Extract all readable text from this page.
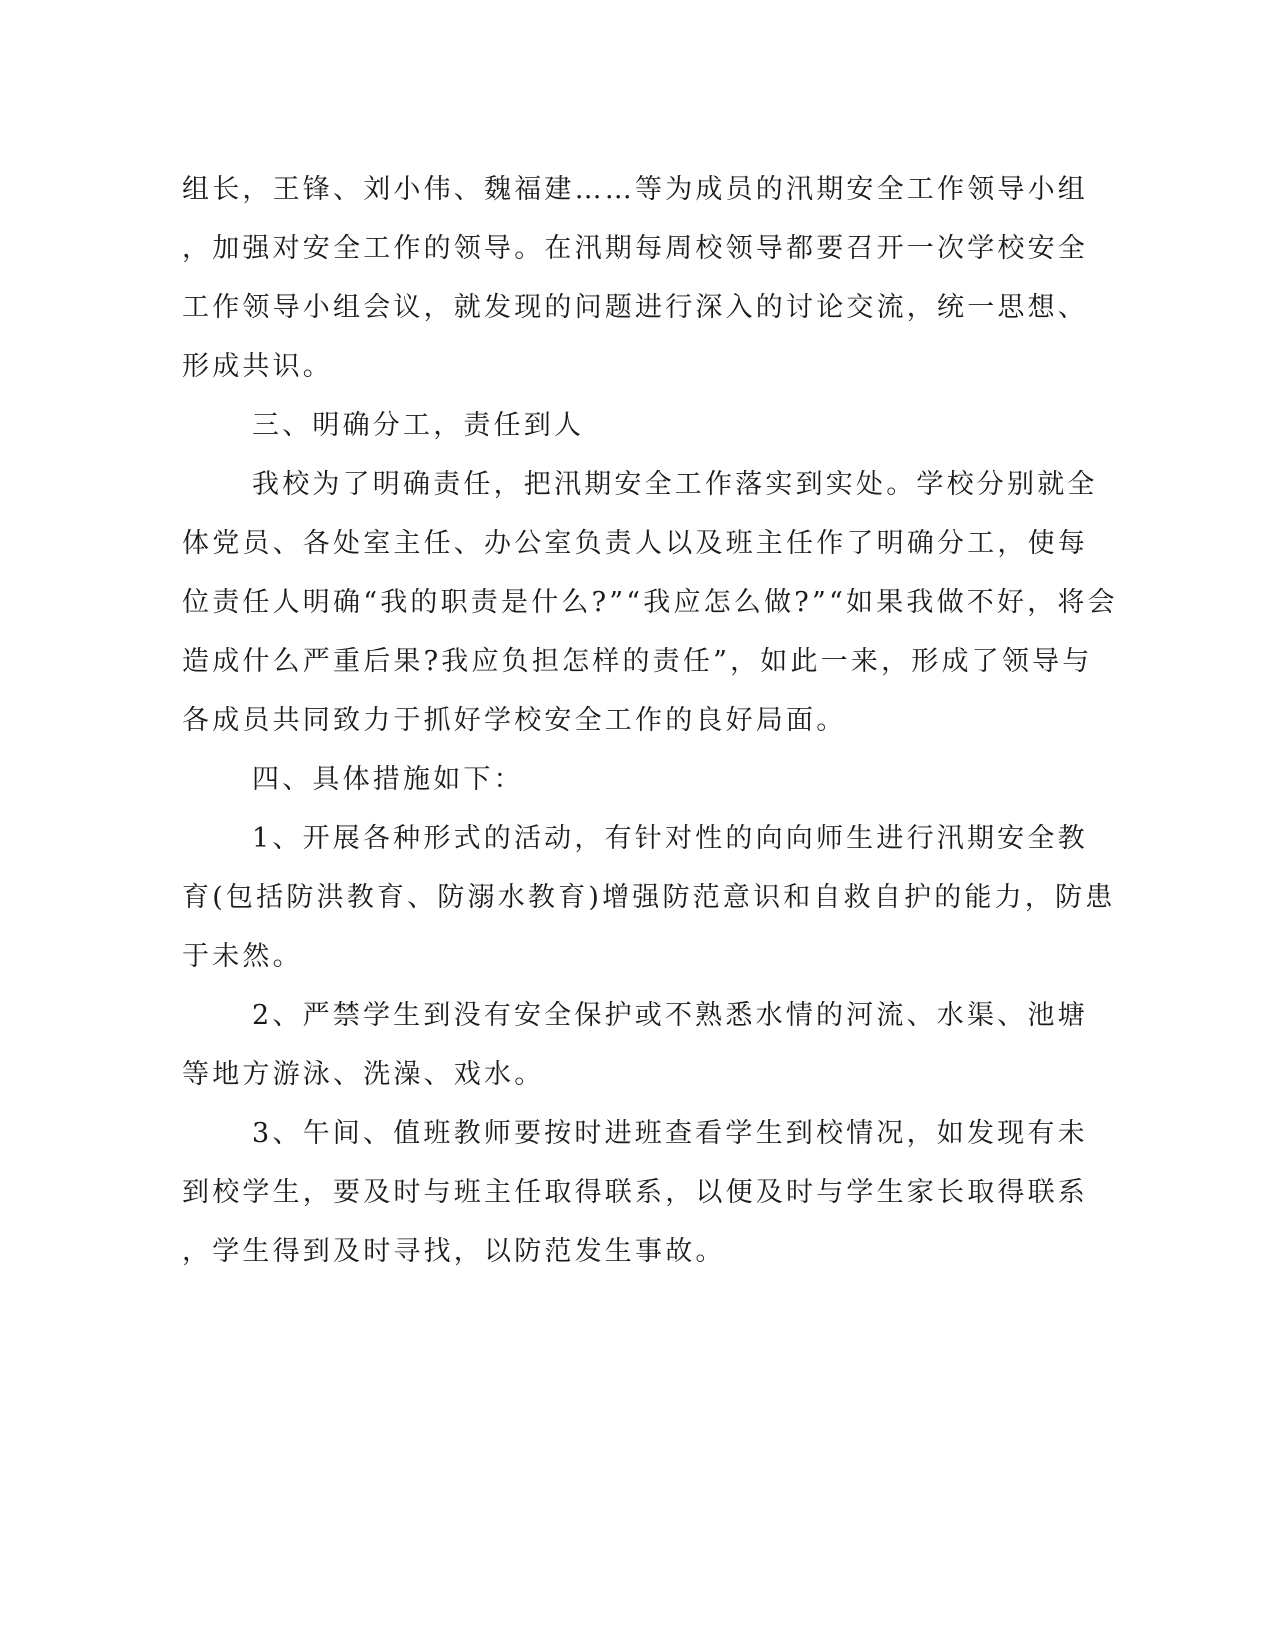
组长，王锋、刘小伟、魏福建……等为成员的汛期安全工作领导小组
，加强对安全工作的领导。在汛期每周校领导都要召开一次学校安全
工作领导小组会议，就发现的问题进行深入的讨论交流，统一思想、
形成共识。
三、明确分工，责任到人
我校为了明确责任，把汛期安全工作落实到实处。学校分别就全
体党员、各处室主任、办公室负责人以及班主任作了明确分工，使每
位责任人明确“我的职责是什么?”“我应怎么做?”“如果我做不好，将会
造成什么严重后果?我应负担怎样的责任”，如此一来，形成了领导与
各成员共同致力于抓好学校安全工作的良好局面。
四、具体措施如下：
1、开展各种形式的活动，有针对性的向向师生进行汛期安全教
育(包括防洪教育、防溺水教育)增强防范意识和自救自护的能力，防患
于未然。
2、严禁学生到没有安全保护或不熟悉水情的河流、水渠、池塘
等地方游泳、洗澡、戏水。
3、午间、值班教师要按时进班查看学生到校情况，如发现有未
到校学生，要及时与班主任取得联系，以便及时与学生家长取得联系
，学生得到及时寻找，以防范发生事故。
